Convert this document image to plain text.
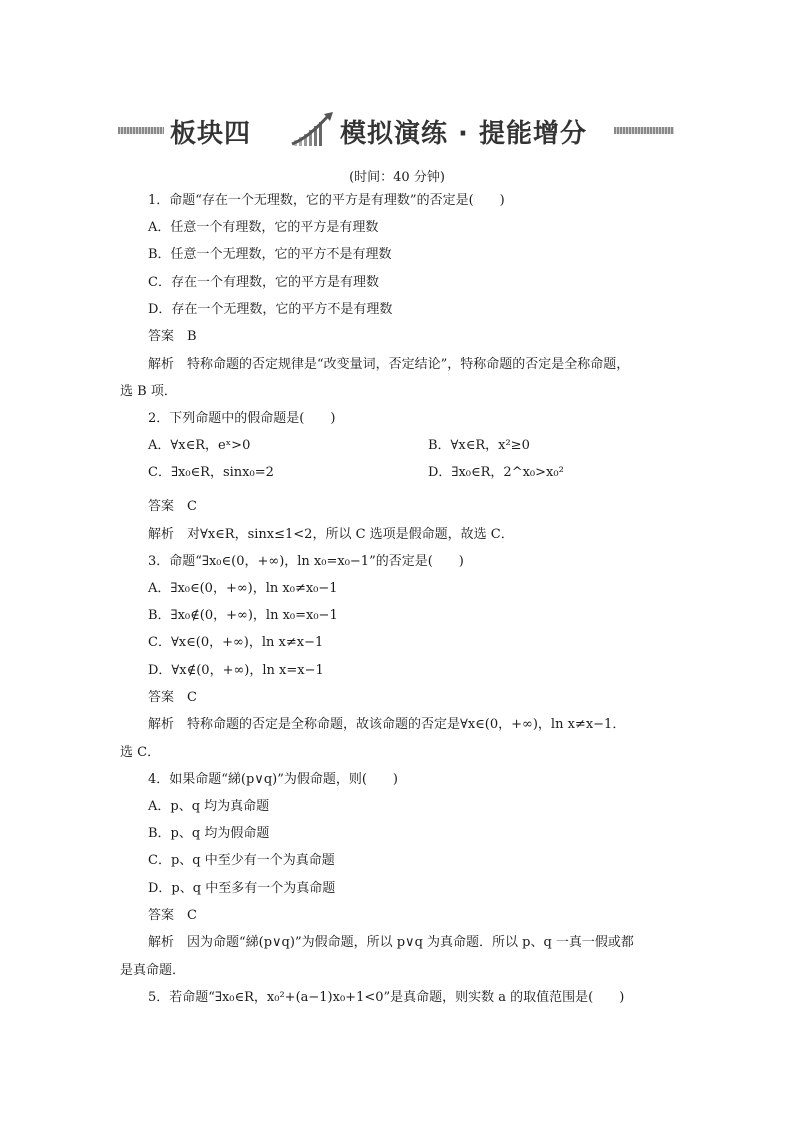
板块四	模拟演练 · 提能增分
(时间：40 分钟)
1．命题“存在一个无理数，它的平方是有理数”的否定是(　　)
A．任意一个有理数，它的平方是有理数
B．任意一个无理数，它的平方不是有理数
C．存在一个有理数，它的平方是有理数
D．存在一个无理数，它的平方不是有理数
答案　B
解析　特称命题的否定规律是“改变量词，否定结论”，特称命题的否定是全称命题，
选 B 项．
2．下列命题中的假命题是(　　)
A．∀x∈R，eˣ>0	B．∀x∈R，x²≥0
C．∃x₀∈R，sinx₀=2	D．∃x₀∈R，2^x₀>x₀²
答案　C
解析　对∀x∈R，sinx≤1<2，所以 C 选项是假命题，故选 C．
3．命题“∃x₀∈(0，+∞)，ln x₀=x₀−1”的否定是(　　)
A．∃x₀∈(0，+∞)，ln x₀≠x₀−1
B．∃x₀∉(0，+∞)，ln x₀=x₀−1
C．∀x∈(0，+∞)，ln x≠x−1
D．∀x∉(0，+∞)，ln x=x−1
答案　C
解析　特称命题的否定是全称命题，故该命题的否定是∀x∈(0，+∞)，ln x≠x−1．
选 C．
4．如果命题“綈(p∨q)”为假命题，则(　　)
A．p、q 均为真命题
B．p、q 均为假命题
C．p、q 中至少有一个为真命题
D．p、q 中至多有一个为真命题
答案　C
解析　因为命题“綈(p∨q)”为假命题，所以 p∨q 为真命题．所以 p、q 一真一假或都
是真命题．
5．若命题“∃x₀∈R，x₀²+(a−1)x₀+1<0”是真命题，则实数 a 的取值范围是(　　)
